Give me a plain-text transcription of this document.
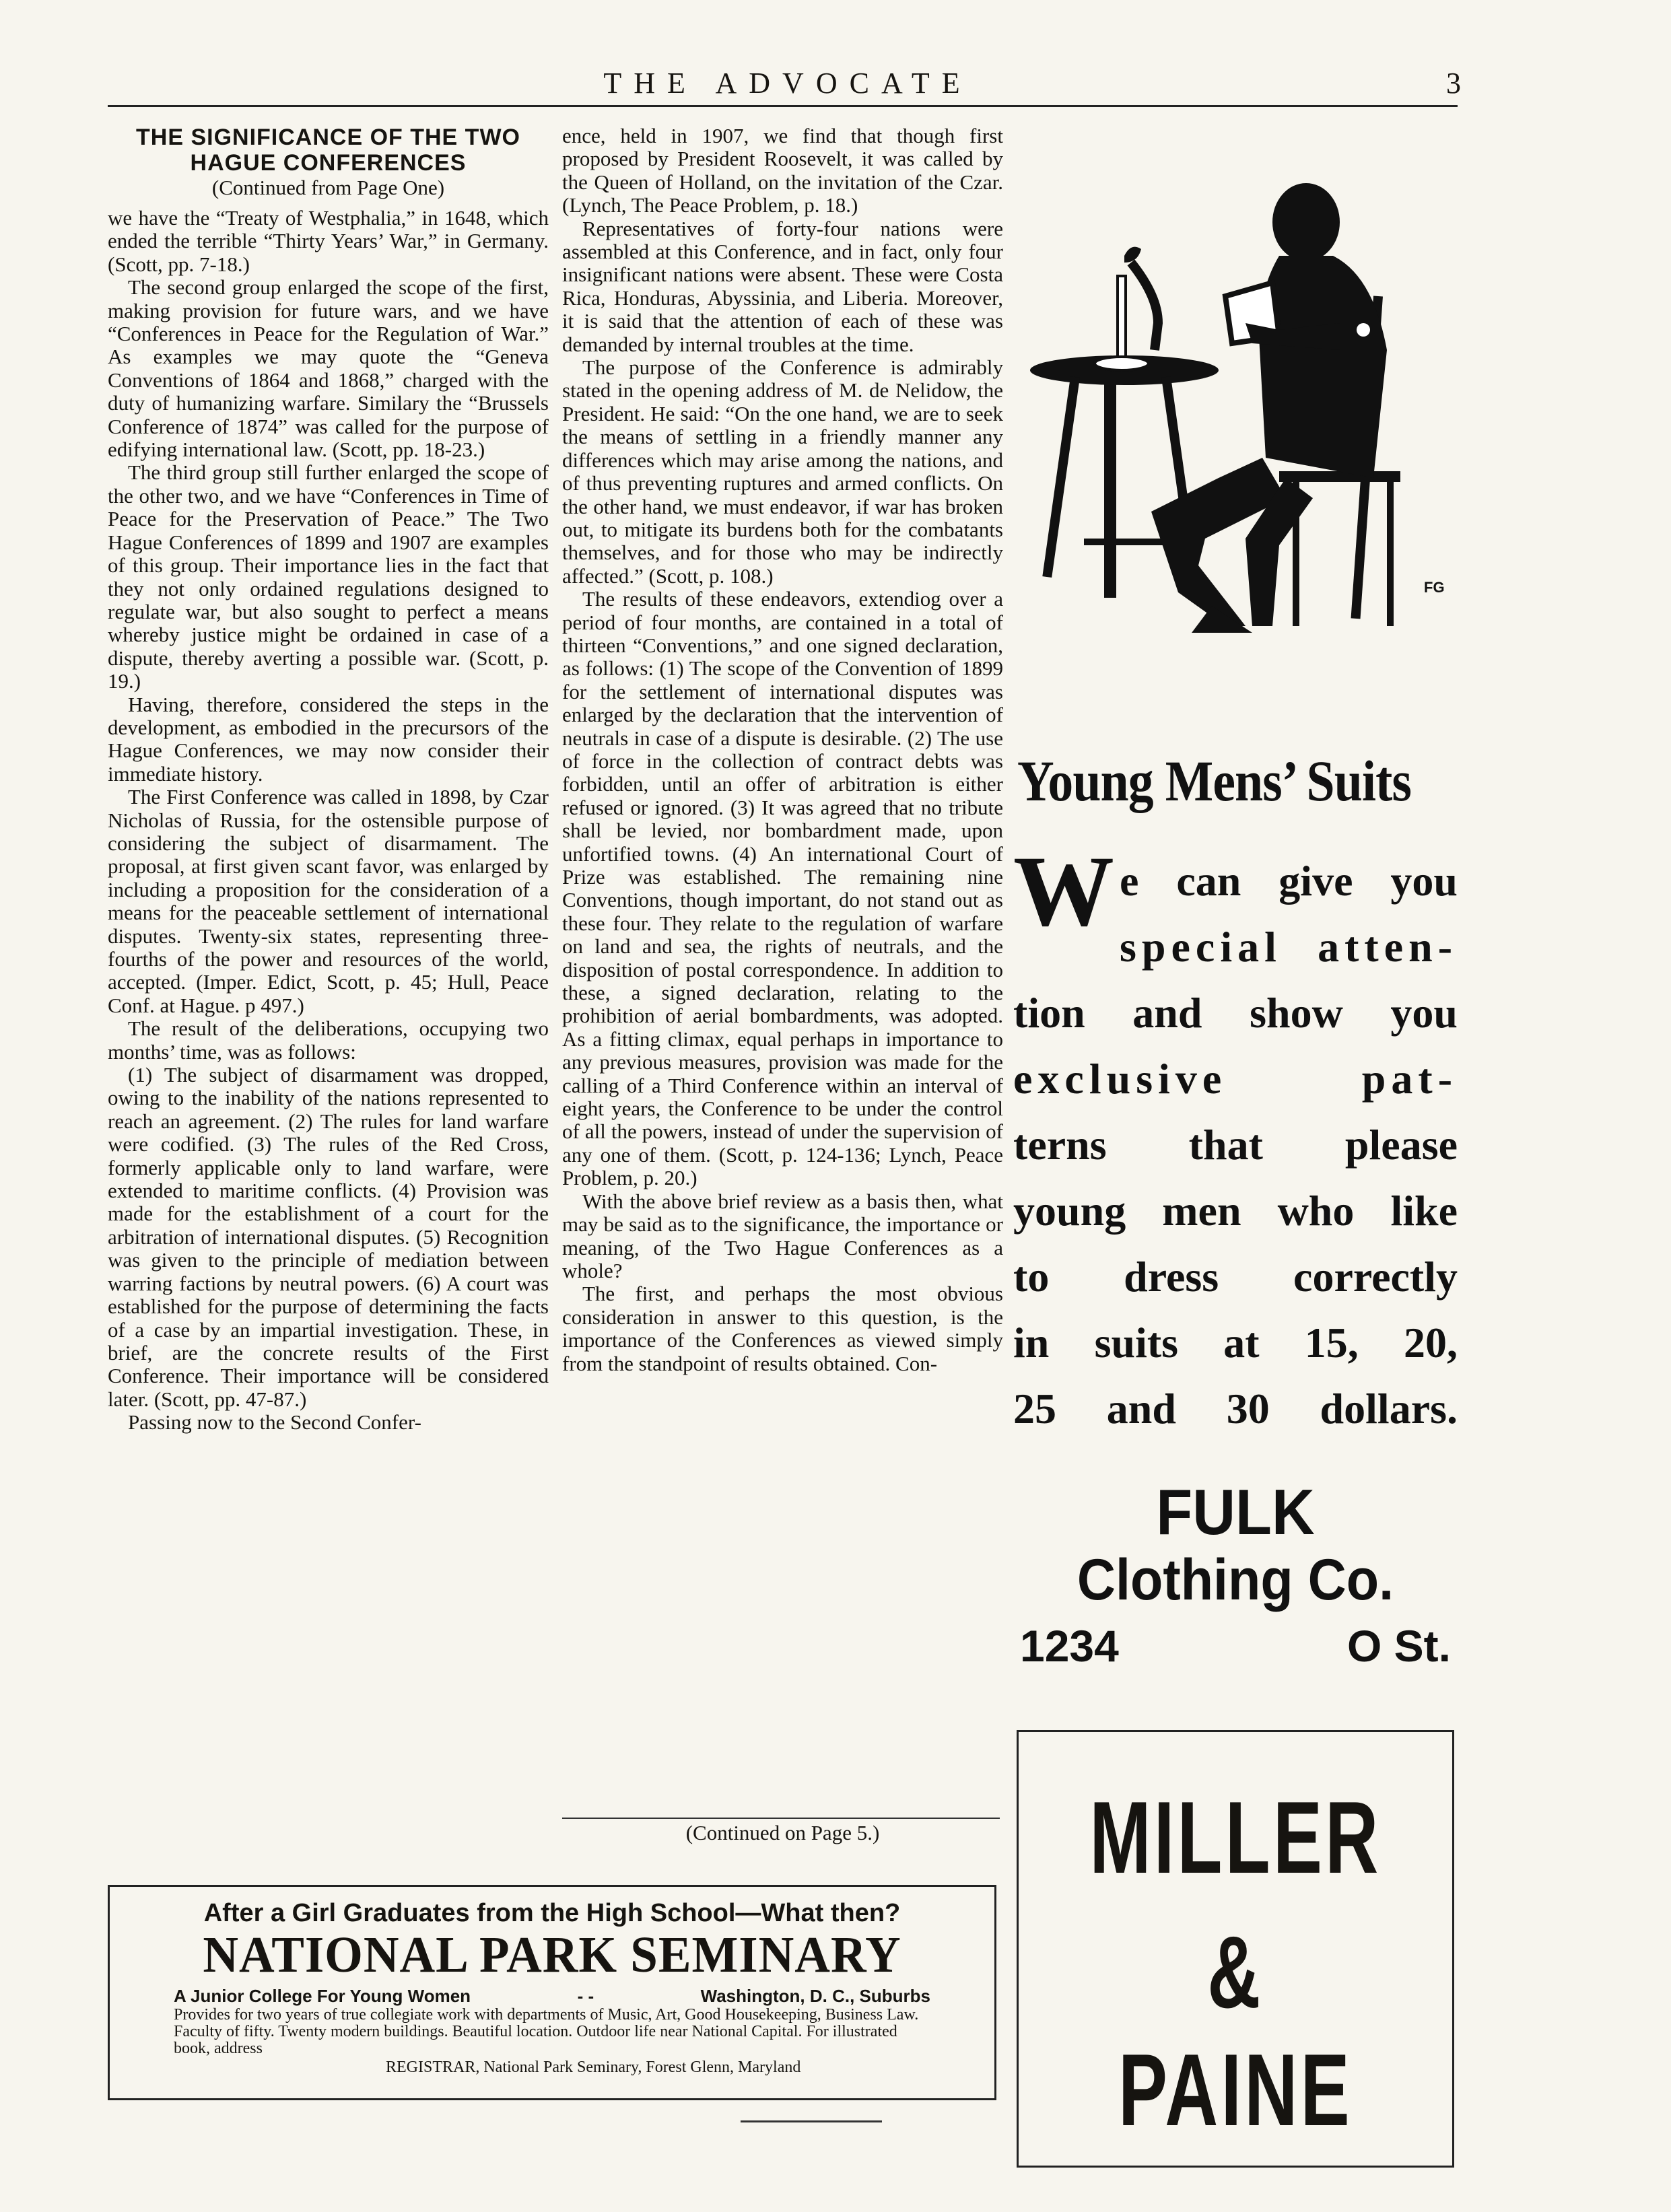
THE ADVOCATE	3
THE SIGNIFICANCE OF THE TWO HAGUE CONFERENCES
(Continued from Page One)

we have the “Treaty of Westphalia,” in 1648, which ended the terrible “Thirty Years’ War,” in Germany. (Scott, pp. 7-18.)

The second group enlarged the scope of the first, making provision for future wars, and we have “Conferences in Peace for the Regulation of War.” As examples we may quote the “Geneva Conventions of 1864 and 1868,” charged with the duty of humanizing warfare. Similary the “Brussels Conference of 1874” was called for the purpose of edifying international law. (Scott, pp. 18-23.)

The third group still further enlarged the scope of the other two, and we have “Conferences in Time of Peace for the Preservation of Peace.” The Two Hague Conferences of 1899 and 1907 are examples of this group. Their importance lies in the fact that they not only ordained regulations designed to regulate war, but also sought to perfect a means whereby justice might be ordained in case of a dispute, thereby averting a possible war. (Scott, p. 19.)

Having, therefore, considered the steps in the development, as embodied in the precursors of the Hague Conferences, we may now consider their immediate history.

The First Conference was called in 1898, by Czar Nicholas of Russia, for the ostensible purpose of considering the subject of disarmament. The proposal, at first given scant favor, was enlarged by including a proposition for the consideration of a means for the peaceable settlement of international disputes. Twenty-six states, representing three-fourths of the power and resources of the world, accepted. (Imper. Edict, Scott, p. 45; Hull, Peace Conf. at Hague. p 497.)

The result of the deliberations, occupying two months’ time, was as follows:

(1) The subject of disarmament was dropped, owing to the inability of the nations represented to reach an agreement. (2) The rules for land warfare were codified. (3) The rules of the Red Cross, formerly applicable only to land warfare, were extended to maritime conflicts. (4) Provision was made for the establishment of a court for the arbitration of international disputes. (5) Recognition was given to the principle of mediation between warring factions by neutral powers. (6) A court was established for the purpose of determining the facts of a case by an impartial investigation. These, in brief, are the concrete results of the First Conference. Their importance will be considered later. (Scott, pp. 47-87.)

Passing now to the Second Confer-

ence, held in 1907, we find that though first proposed by President Roosevelt, it was called by the Queen of Holland, on the invitation of the Czar. (Lynch, The Peace Problem, p. 18.)

Representatives of forty-four nations were assembled at this Conference, and in fact, only four insignificant nations were absent. These were Costa Rica, Honduras, Abyssinia, and Liberia. Moreover, it is said that the attention of each of these was demanded by internal troubles at the time.

The purpose of the Conference is admirably stated in the opening address of M. de Nelidow, the President. He said: “On the one hand, we are to seek the means of settling in a friendly manner any differences which may arise among the nations, and of thus preventing ruptures and armed conflicts. On the other hand, we must endeavor, if war has broken out, to mitigate its burdens both for the combatants themselves, and for those who may be indirectly affected.” (Scott, p. 108.)

The results of these endeavors, extendiog over a period of four months, are contained in a total of thirteen “Conventions,” and one signed declaration, as follows: (1) The scope of the Convention of 1899 for the settlement of international disputes was enlarged by the declaration that the intervention of neutrals in case of a dispute is desirable. (2) The use of force in the collection of contract debts was forbidden, until an offer of arbitration is either refused or ignored. (3) It was agreed that no tribute shall be levied, nor bombardment made, upon unfortified towns. (4) An international Court of Prize was established. The remaining nine Conventions, though important, do not stand out as these four. They relate to the regulation of warfare on land and sea, the rights of neutrals, and the disposition of postal correspondence. In addition to these, a signed declaration, relating to the prohibition of aerial bombardments, was adopted. As a fitting climax, equal perhaps in importance to any previous measures, provision was made for the calling of a Third Conference within an interval of eight years, the Conference to be under the control of all the powers, instead of under the supervision of any one of them. (Scott, p. 124-136; Lynch, Peace Problem, p. 20.)

With the above brief review as a basis then, what may be said as to the significance, the importance or meaning, of the Two Hague Conferences as a whole?

The first, and perhaps the most obvious consideration in answer to this question, is the importance of the Conferences as viewed simply from the standpoint of results obtained. Con-

(Continued on Page 5.)
FG
Young Mens’ Suits
W e can give you
special atten-
tion and show you
exclusive pat-
terns that please
young men who like
to dress correctly
in suits at 15, 20,
25 and 30 dollars.
FULK
Clothing Co.
1234	O St.
MILLER
& PAINE
After a Girl Graduates from the High School—What then?
NATIONAL PARK SEMINARY
A Junior College For Young Women	- -	Washington, D. C., Suburbs
Provides for two years of true collegiate work with departments of Music, Art, Good Housekeeping, Business Law. Faculty of fifty. Twenty modern buildings. Beautiful location. Outdoor life near National Capital. For illustrated book, address
REGISTRAR, National Park Seminary, Forest Glenn, Maryland
